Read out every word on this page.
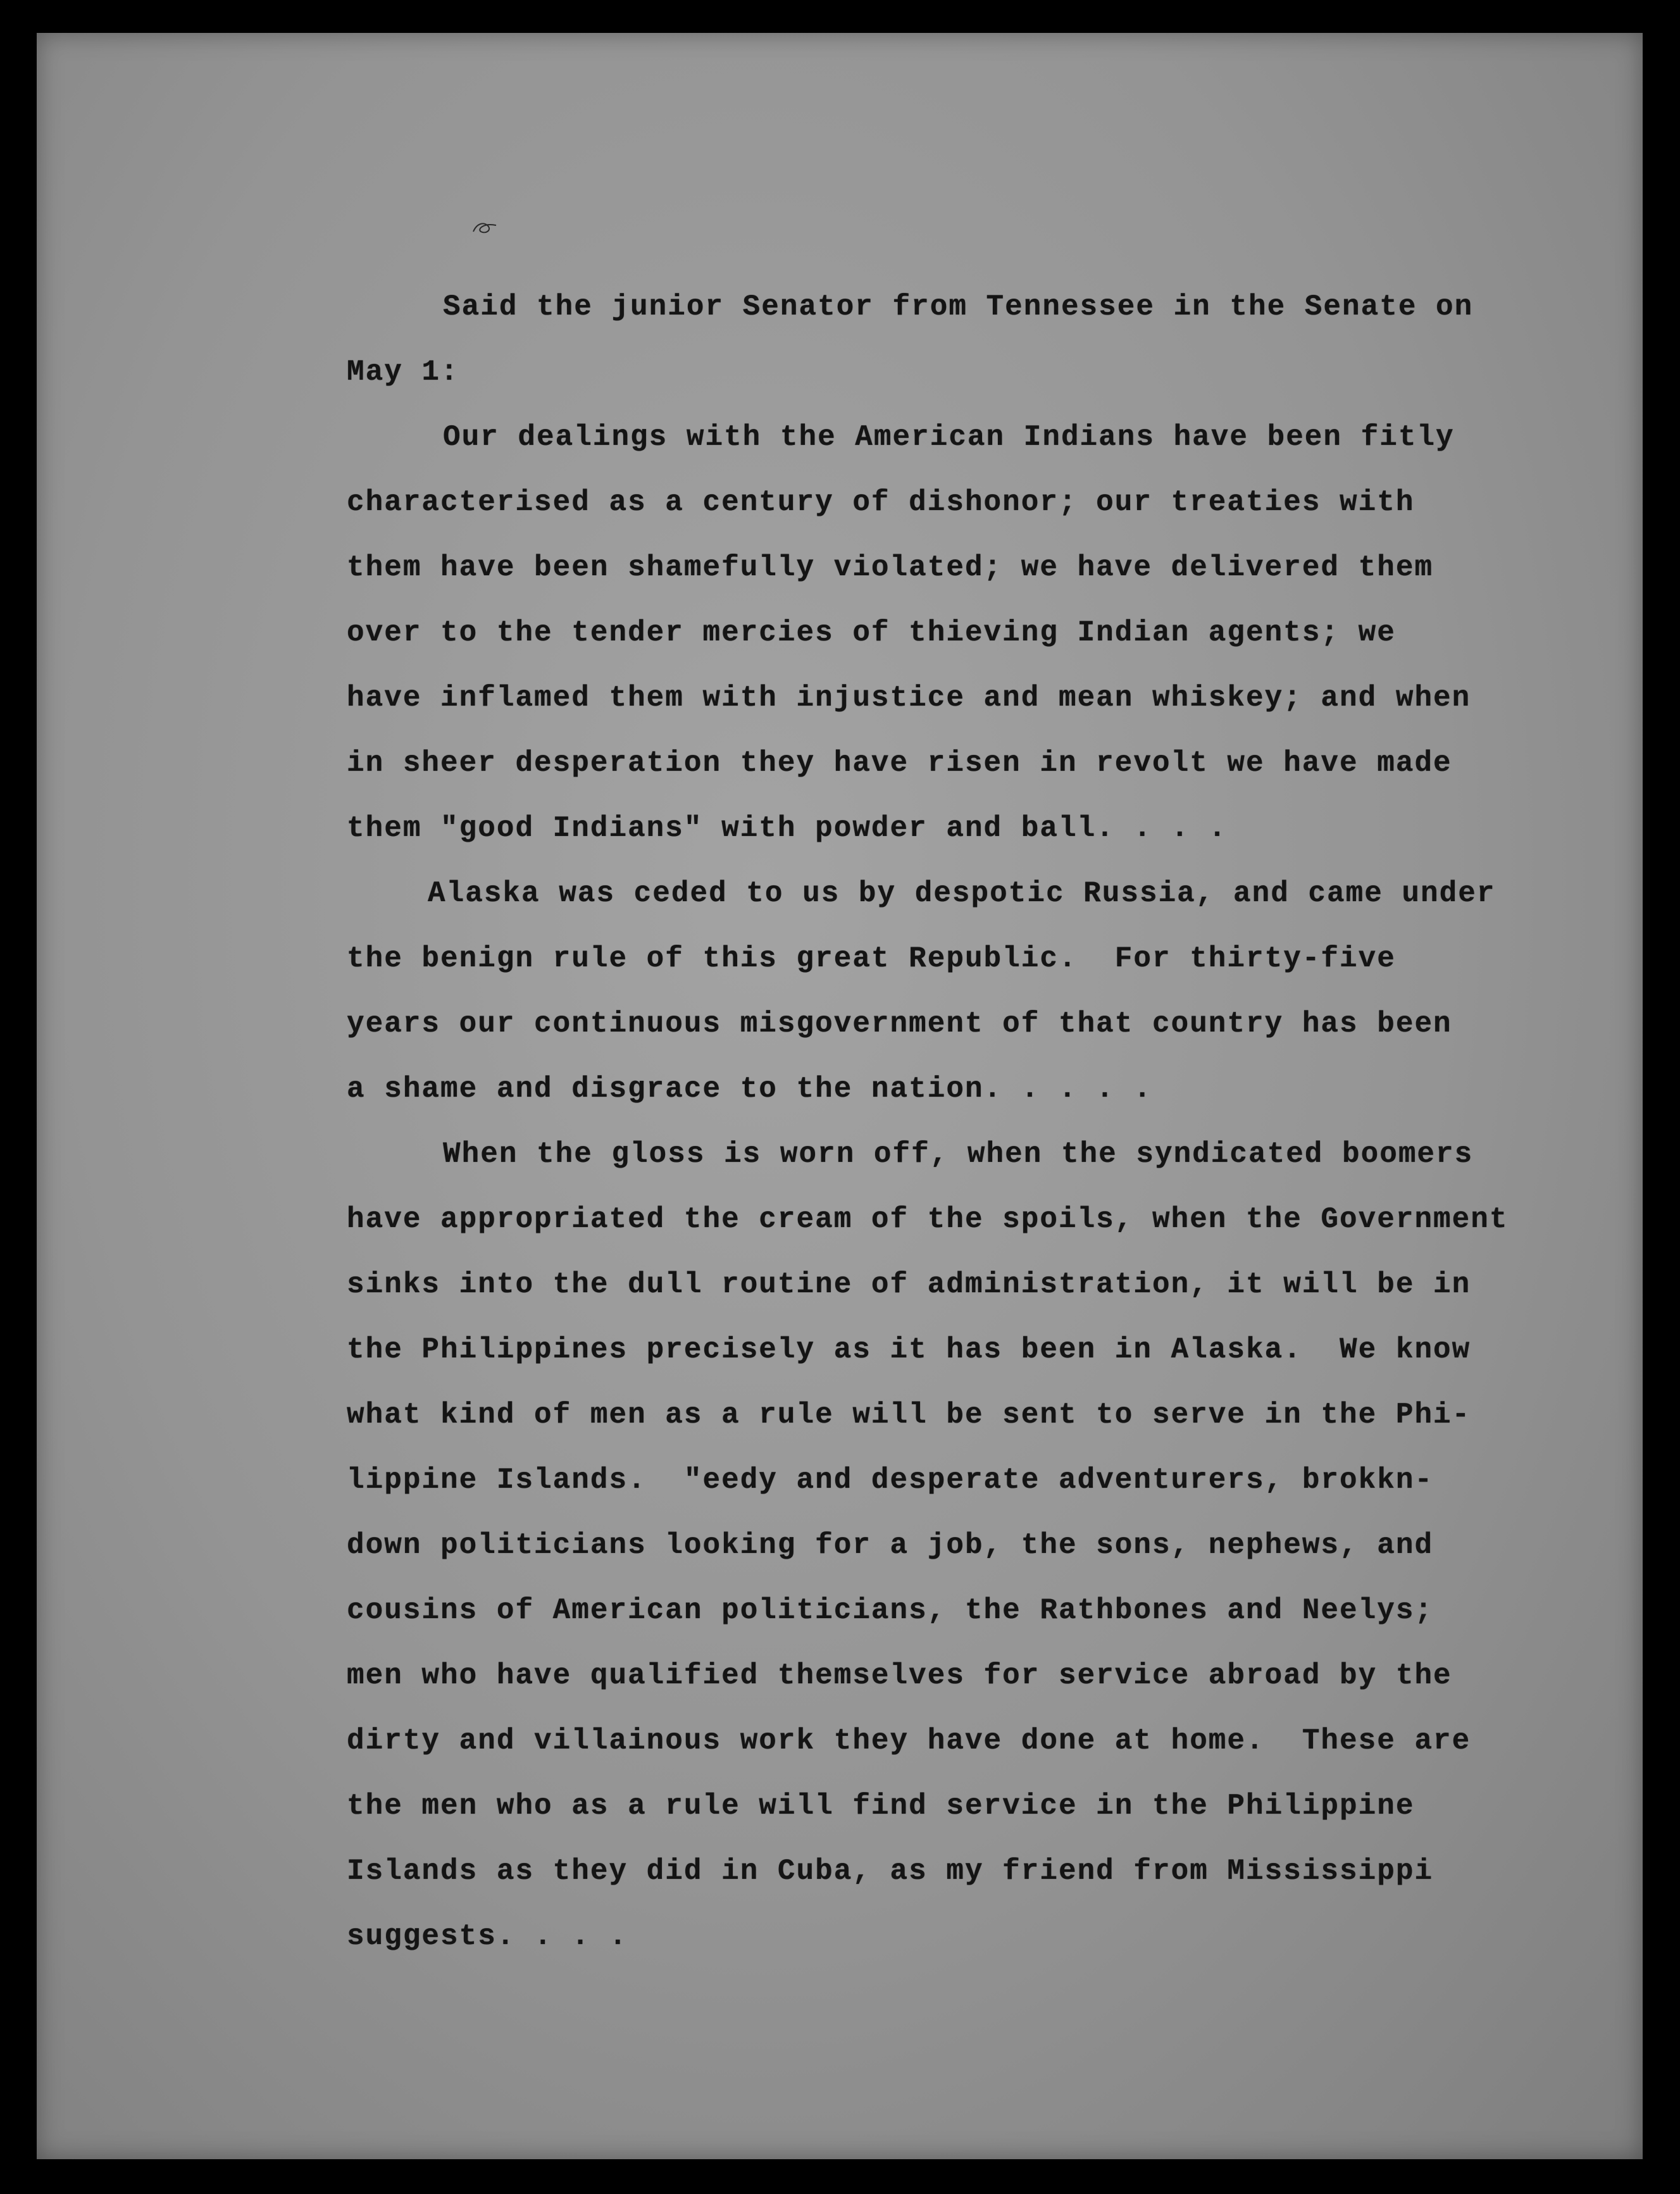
Said the junior Senator from Tennessee in the Senate on
May 1:
Our dealings with the American Indians have been fitly
characterised as a century of dishonor; our treaties with
them have been shamefully violated; we have delivered them
over to the tender mercies of thieving Indian agents; we
have inflamed them with injustice and mean whiskey; and when
in sheer desperation they have risen in revolt we have made
them "good Indians" with powder and ball. . . .
Alaska was ceded to us by despotic Russia, and came under
the benign rule of this great Republic.  For thirty-five
years our continuous misgovernment of that country has been
a shame and disgrace to the nation. . . . .
When the gloss is worn off, when the syndicated boomers
have appropriated the cream of the spoils, when the Government
sinks into the dull routine of administration, it will be in
the Philippines precisely as it has been in Alaska.  We know
what kind of men as a rule will be sent to serve in the Phi-
lippine Islands.  "eedy and desperate adventurers, brokkn-
down politicians looking for a job, the sons, nephews, and
cousins of American politicians, the Rathbones and Neelys;
men who have qualified themselves for service abroad by the
dirty and villainous work they have done at home.  These are
the men who as a rule will find service in the Philippine
Islands as they did in Cuba, as my friend from Mississippi
suggests. . . .
